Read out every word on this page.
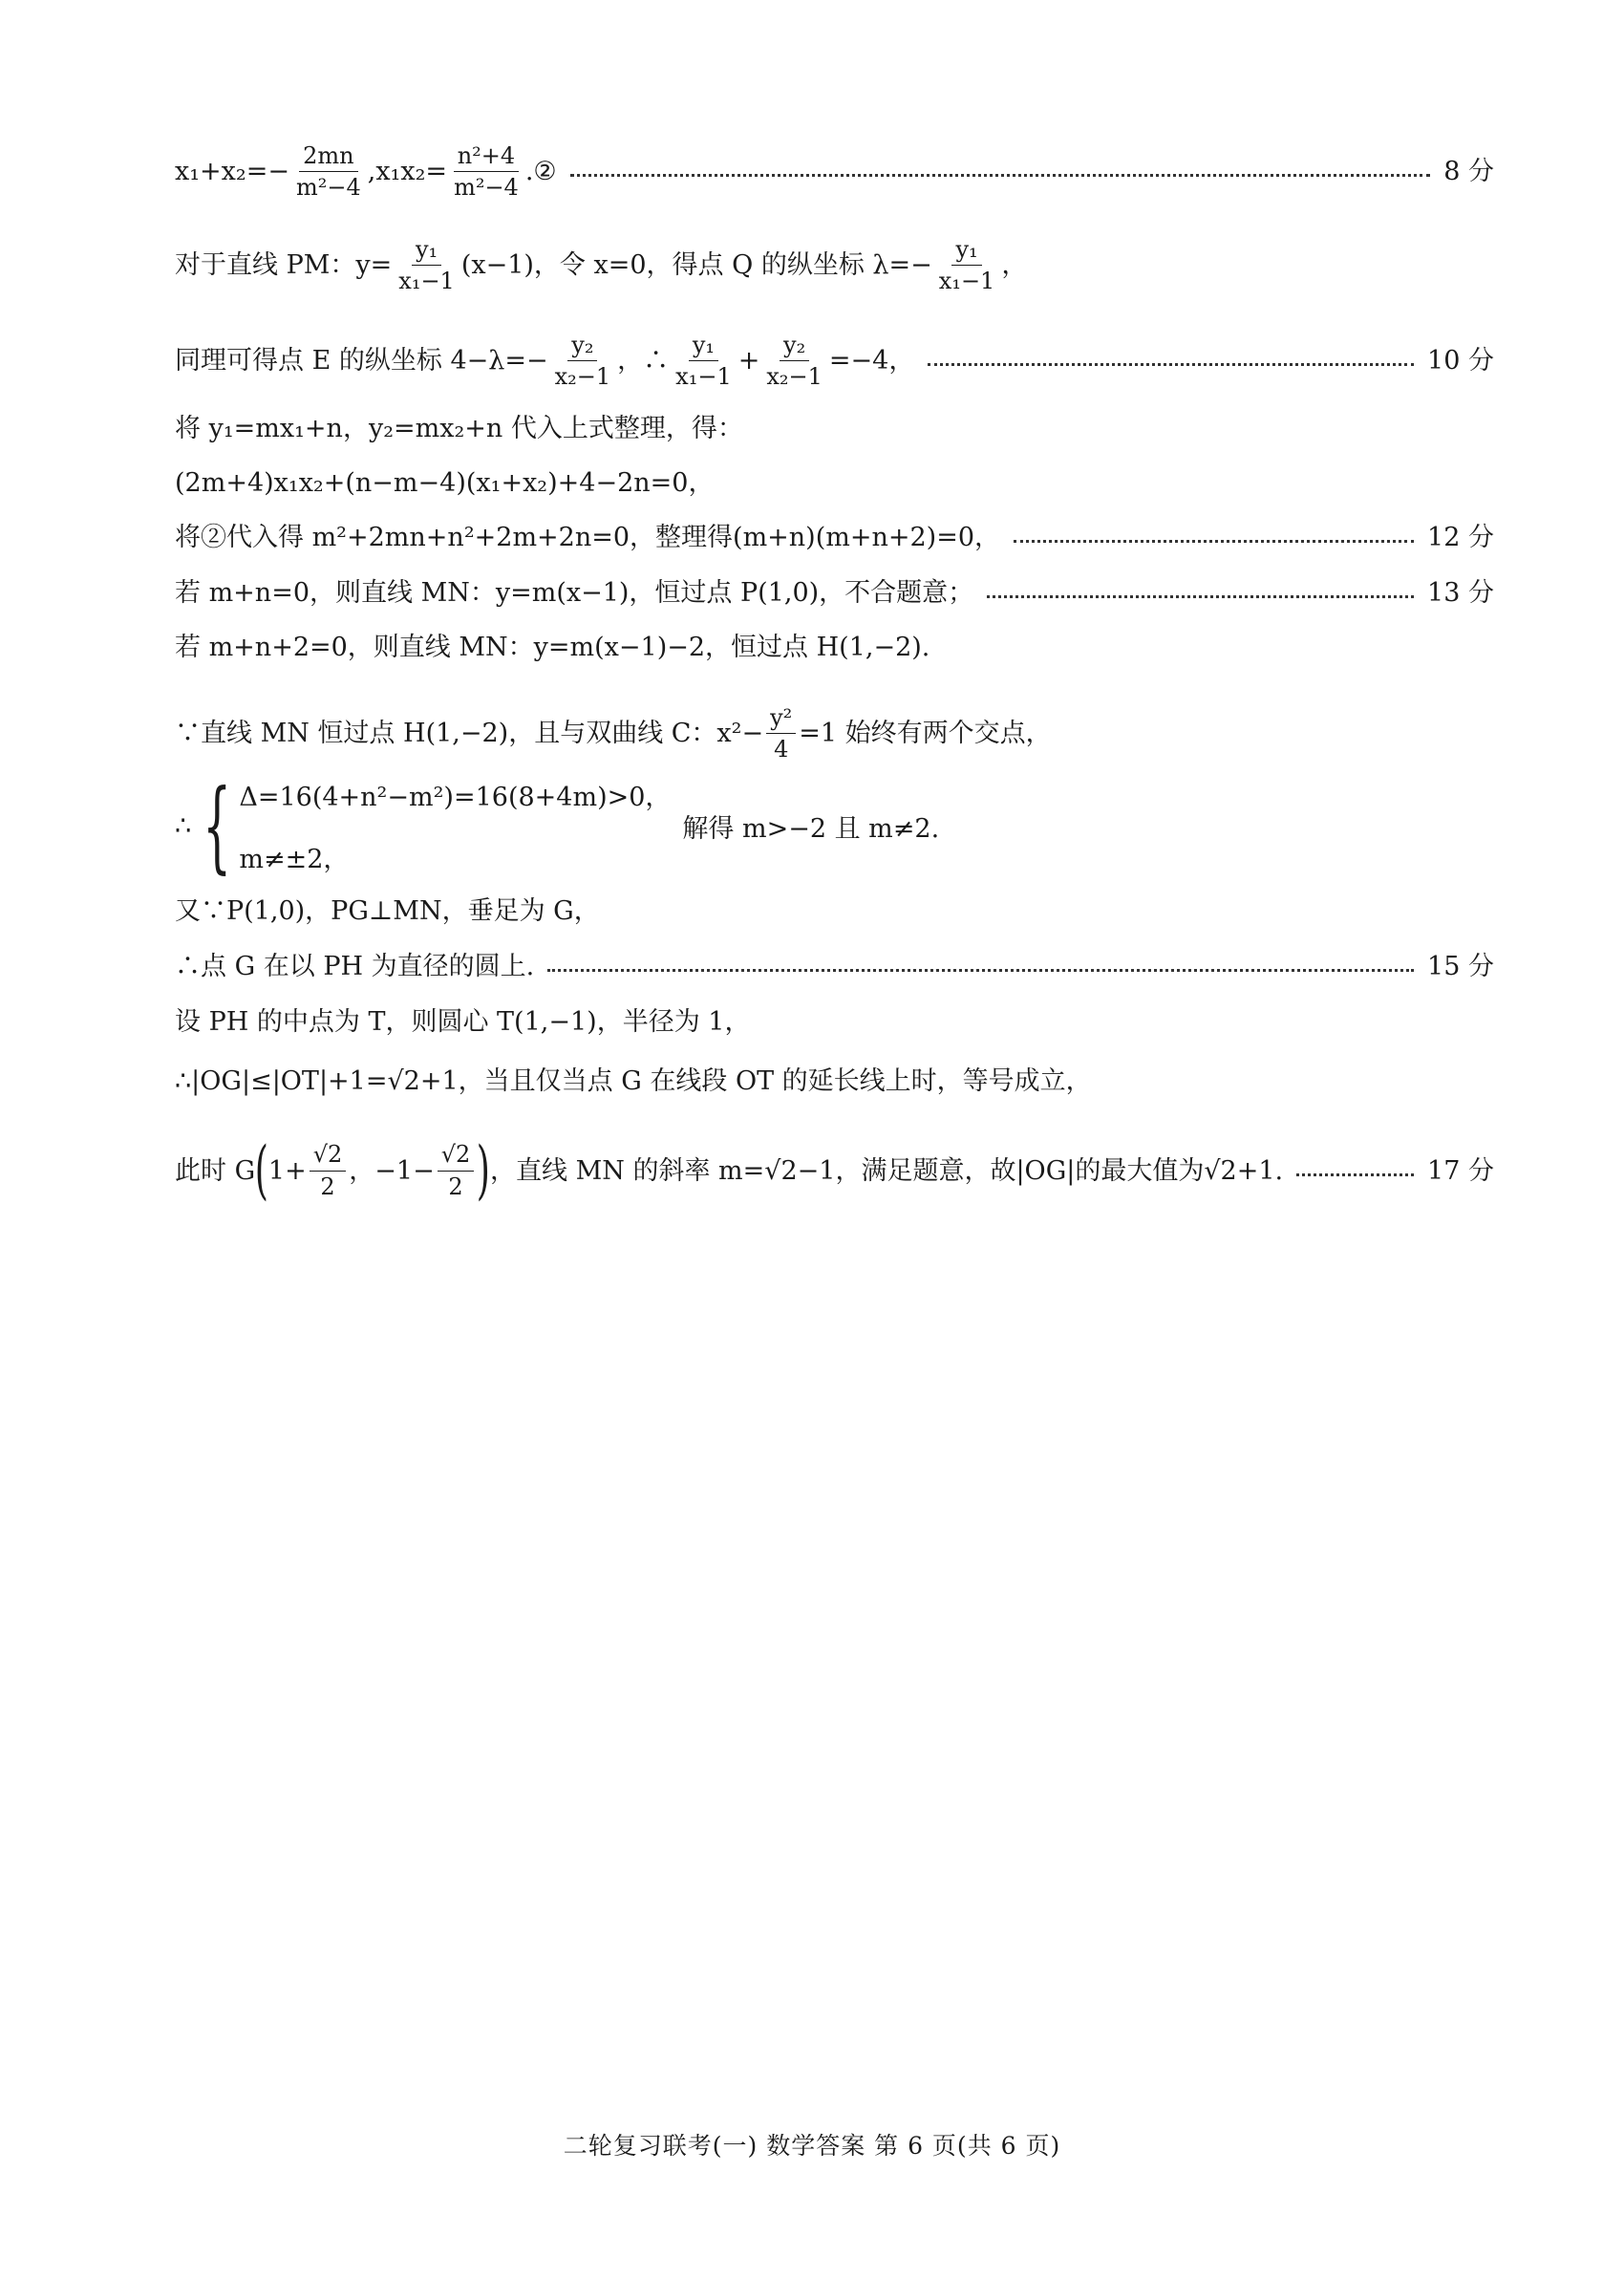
$x_1+x_2=- \frac{2mn}{\text{m²−4}} ,x_1x_2= \frac{\text{n²+4}}{\text{m²−4}}$ .②	8 分
对于直线 PM：$y= \frac{\text{y₁}}{\text{x₁−1}} (x-1)$，令 x=0，得点 Q 的纵坐标 $\lambda=- \frac{\text{y₁}}{\text{x₁−1}}$ ，
同理可得点 E 的纵坐标 $4-\lambda=- \frac{\text{y₂}}{\text{x₂−1}}$ ，∴ $\frac{\text{y₁}}{\text{x₁−1}} + \frac{\text{y₂}}{\text{x₂−1}} =-4$，	10 分
将 y₁=mx₁+n，y₂=mx₂+n 代入上式整理，得：
(2m+4)x₁x₂+(n−m−4)(x₁+x₂)+4−2n=0，
将②代入得 m²+2mn+n²+2m+2n=0，整理得(m+n)(m+n+2)=0，	12 分
若 m+n=0，则直线 MN：y=m(x−1)，恒过点 P(1,0)，不合题意；	13 分
若 m+n+2=0，则直线 MN：y=m(x−1)−2，恒过点 H(1,−2).
∵直线 MN 恒过点 H(1,−2)，且与双曲线 C：$x^2- \frac{\text{y²}}{4} =1$ 始终有两个交点，
∴ { Δ=16(4+n²−m²)=16(8+4m)>0，
m≠±2，
解得 m>−2 且 m≠2.
又∵P(1,0)，PG⊥MN，垂足为 G，
∴点 G 在以 PH 为直径的圆上.	15 分
设 PH 的中点为 T，则圆心 T(1,−1)，半径为 1，
∴|OG|≤|OT|+1=√2+1，当且仅当点 G 在线段 OT 的延长线上时，等号成立，
此时 G ( $1+ \frac{√2}{2}$ ，$-1- \frac{√2}{2}$ ) ，直线 MN 的斜率 m=√2−1，满足题意，故|OG|的最大值为√2+1.	17 分
二轮复习联考(一) 数学答案 第 6 页(共 6 页)
